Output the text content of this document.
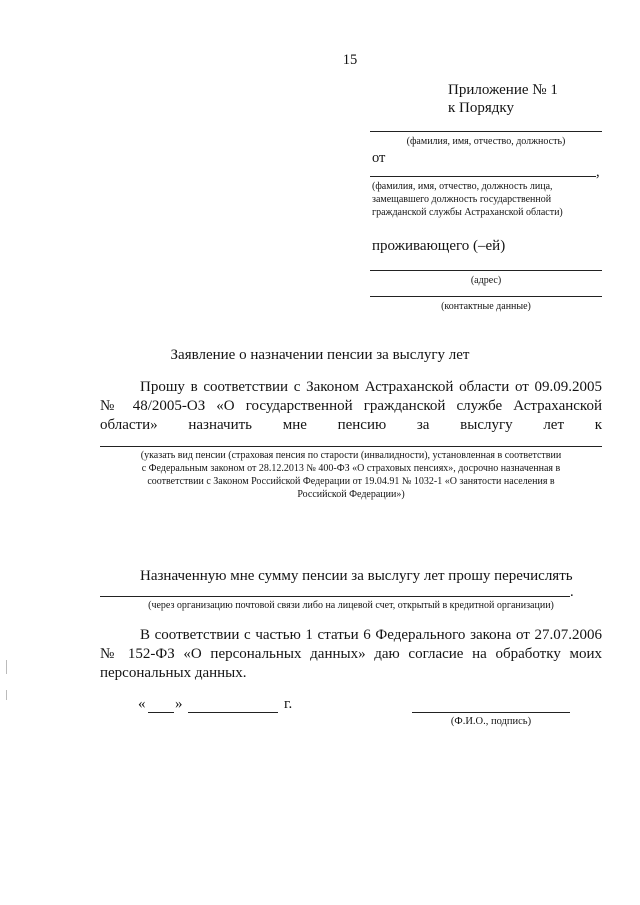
15
Приложение № 1
к Порядку
(фамилия, имя, отчество, должность)
от
,
(фамилия, имя, отчество, должность лица,
замещавшего должность государственной
гражданской службы Астраханской области)
проживающего (–ей)
(адрес)
(контактные данные)
Заявление о назначении пенсии за выслугу лет
Прошу в соответствии с Законом Астраханской области от 09.09.2005
№ 48/2005-ОЗ «О государственной гражданской службе Астраханской
области» назначить мне пенсию за выслугу лет к
(указать вид пенсии (страховая пенсия по старости (инвалидности), установленная в соответствии
с Федеральным законом от 28.12.2013 № 400-ФЗ «О страховых пенсиях», досрочно назначенная в
соответствии с Законом Российской Федерации от 19.04.91 № 1032-1 «О занятости населения в
Российской Федерации»)
Назначенную мне сумму пенсии за выслугу лет прошу перечислять
.
(через организацию почтовой связи либо на лицевой счет, открытый в кредитной организации)
В соответствии с частью 1 статьи 6 Федерального закона от 27.07.2006
№ 152-ФЗ «О персональных данных» даю согласие на обработку моих
персональных данных.
« »	г.
(Ф.И.О., подпись)
